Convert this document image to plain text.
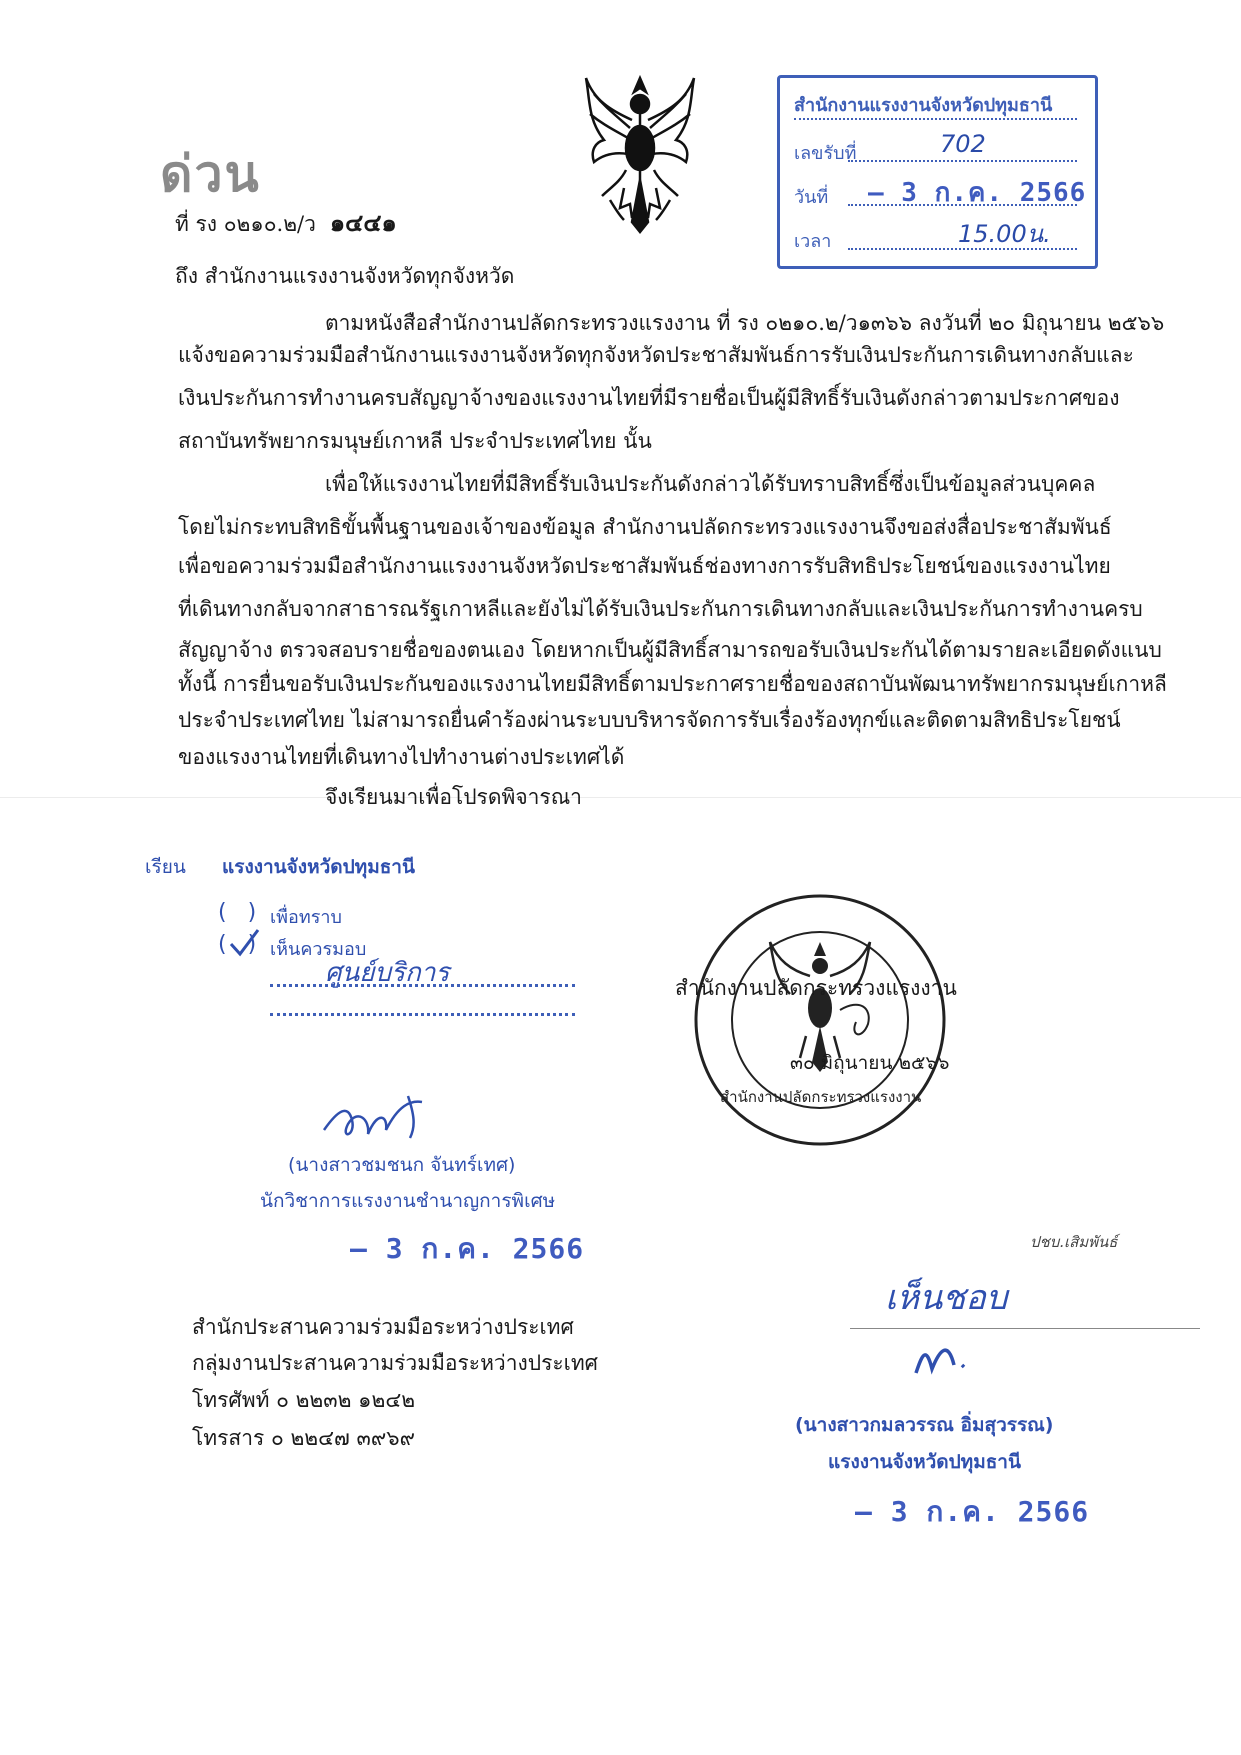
ด่วน
สำนักงานแรงงานจังหวัดปทุมธานี
เลขรับที่	702
วันที่ – 3 ก.ค. 2566
เวลา	15.00น.
ที่ รง ๐๒๑๐.๒/ว ๑๔๔๑
ถึง สำนักงานแรงงานจังหวัดทุกจังหวัด
ตามหนังสือสำนักงานปลัดกระทรวงแรงงาน ที่ รง ๐๒๑๐.๒/ว๑๓๖๖ ลงวันที่ ๒๐ มิถุนายน ๒๕๖๖
แจ้งขอความร่วมมือสำนักงานแรงงานจังหวัดทุกจังหวัดประชาสัมพันธ์การรับเงินประกันการเดินทางกลับและ
เงินประกันการทำงานครบสัญญาจ้างของแรงงานไทยที่มีรายชื่อเป็นผู้มีสิทธิ์รับเงินดังกล่าวตามประกาศของ
สถาบันทรัพยากรมนุษย์เกาหลี ประจำประเทศไทย นั้น
เพื่อให้แรงงานไทยที่มีสิทธิ์รับเงินประกันดังกล่าวได้รับทราบสิทธิ์ซึ่งเป็นข้อมูลส่วนบุคคล
โดยไม่กระทบสิทธิขั้นพื้นฐานของเจ้าของข้อมูล สำนักงานปลัดกระทรวงแรงงานจึงขอส่งสื่อประชาสัมพันธ์
เพื่อขอความร่วมมือสำนักงานแรงงานจังหวัดประชาสัมพันธ์ช่องทางการรับสิทธิประโยชน์ของแรงงานไทย
ที่เดินทางกลับจากสาธารณรัฐเกาหลีและยังไม่ได้รับเงินประกันการเดินทางกลับและเงินประกันการทำงานครบ
สัญญาจ้าง ตรวจสอบรายชื่อของตนเอง โดยหากเป็นผู้มีสิทธิ์สามารถขอรับเงินประกันได้ตามรายละเอียดดังแนบ
ทั้งนี้ การยื่นขอรับเงินประกันของแรงงานไทยมีสิทธิ์ตามประกาศรายชื่อของสถาบันพัฒนาทรัพยากรมนุษย์เกาหลี
ประจำประเทศไทย ไม่สามารถยื่นคำร้องผ่านระบบบริหารจัดการรับเรื่องร้องทุกข์และติดตามสิทธิประโยชน์
ของแรงงานไทยที่เดินทางไปทำงานต่างประเทศได้
จึงเรียนมาเพื่อโปรดพิจารณา
เรียน แรงงานจังหวัดปทุมธานี
(   ) เพื่อทราบ
(   ) เห็นควรมอบ
ศูนย์บริการ
(นางสาวชมชนก จันทร์เทศ)
นักวิชาการแรงงานชำนาญการพิเศษ
– 3 ก.ค. 2566
สำนักงานปลัดกระทรวงแรงงาน
๓๐ มิถุนายน ๒๕๖๖
สำนักงานปลัดกระทรวงแรงงาน
สำนักประสานความร่วมมือระหว่างประเทศ
กลุ่มงานประสานความร่วมมือระหว่างประเทศ
โทรศัพท์ ๐ ๒๒๓๒ ๑๒๔๒
โทรสาร ๐ ๒๒๔๗ ๓๙๖๙
ปชบ.เสิมพันธ์
เห็นชอบ
(นางสาวกมลวรรณ อิ่มสุวรรณ)
แรงงานจังหวัดปทุมธานี
– 3 ก.ค. 2566
